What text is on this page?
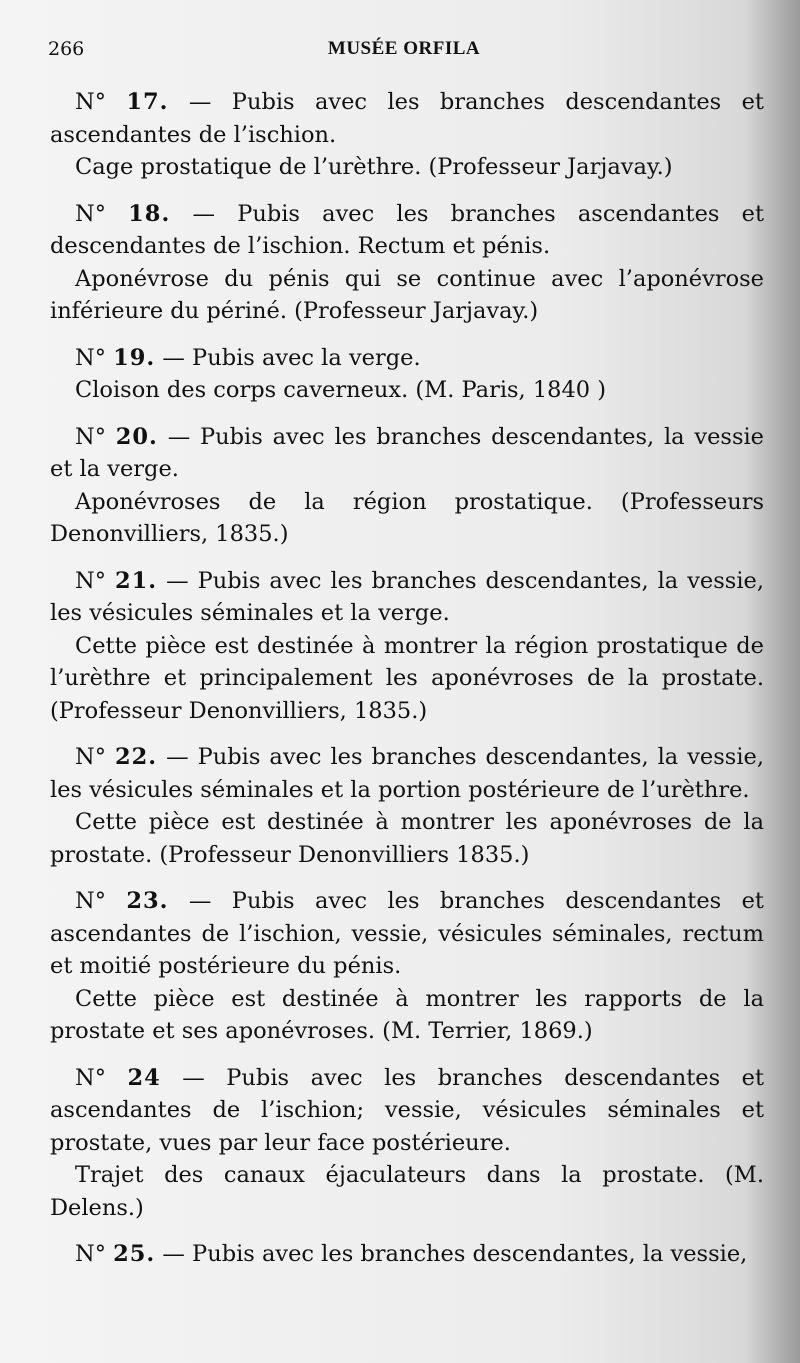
266	MUSÉE ORFILA

N° 17. — Pubis avec les branches descendantes et ascendantes de l’ischion.

Cage prostatique de l’urèthre. (Professeur Jarjavay.)

N° 18. — Pubis avec les branches ascendantes et descendantes de l’ischion. Rectum et pénis.

Aponévrose du pénis qui se continue avec l’aponévrose inférieure du périné. (Professeur Jarjavay.)

N° 19. — Pubis avec la verge.

Cloison des corps caverneux. (M. Paris, 1840 )

N° 20. — Pubis avec les branches descendantes, la vessie et la verge.

Aponévroses de la région prostatique. (Professeurs Denonvilliers, 1835.)

N° 21. — Pubis avec les branches descendantes, la vessie, les vésicules séminales et la verge.

Cette pièce est destinée à montrer la région prostatique de l’urèthre et principalement les aponévroses de la prostate. (Professeur Denonvilliers, 1835.)

N° 22. — Pubis avec les branches descendantes, la vessie, les vésicules séminales et la portion postérieure de l’urèthre.

Cette pièce est destinée à montrer les aponévroses de la prostate. (Professeur Denonvilliers 1835.)

N° 23. — Pubis avec les branches descendantes et ascendantes de l’ischion, vessie, vésicules séminales, rectum et moitié postérieure du pénis.

Cette pièce est destinée à montrer les rapports de la prostate et ses aponévroses. (M. Terrier, 1869.)

N° 24 — Pubis avec les branches descendantes et ascendantes de l’ischion; vessie, vésicules séminales et prostate, vues par leur face postérieure.

Trajet des canaux éjaculateurs dans la prostate. (M. Delens.)

N° 25. — Pubis avec les branches descendantes, la vessie,
